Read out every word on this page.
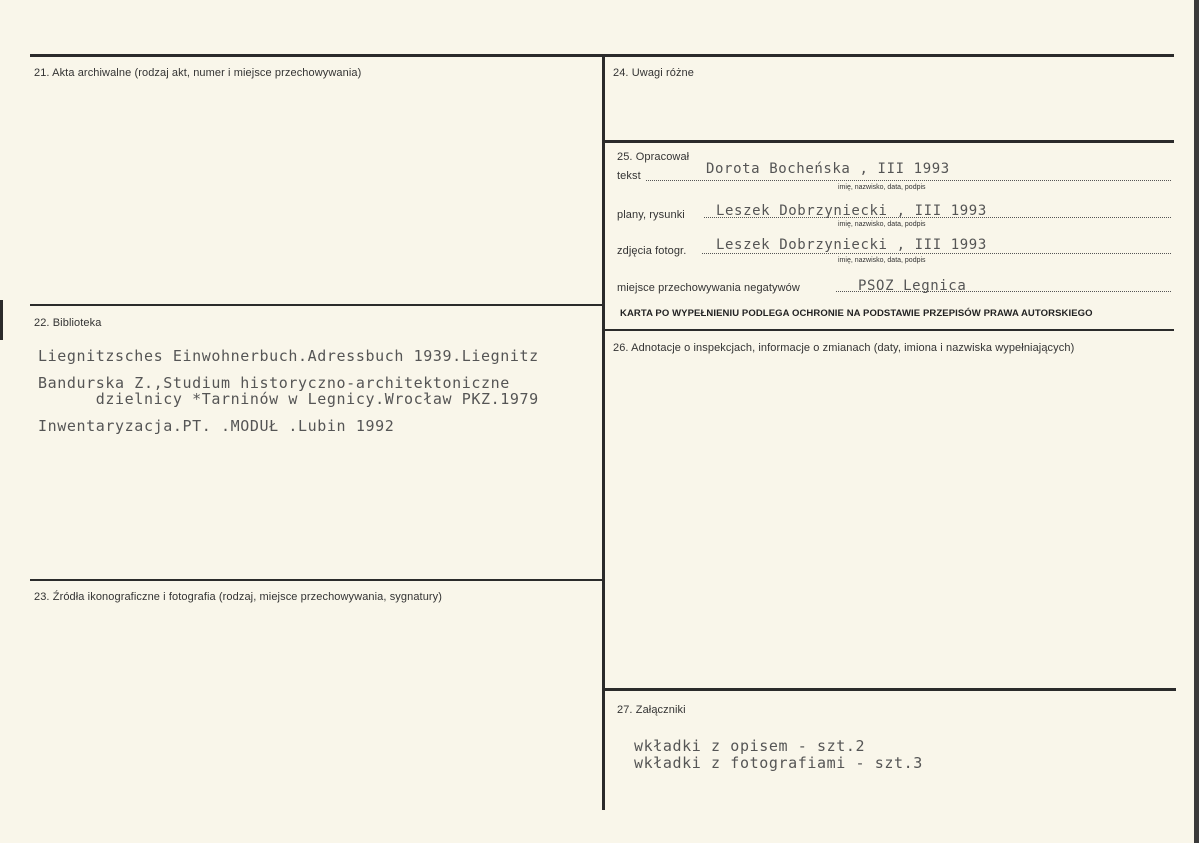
21. Akta archiwalne (rodzaj akt, numer i miejsce przechowywania)
22. Biblioteka
Liegnitzsches Einwohnerbuch.Adressbuch 1939.Liegnitz
Bandurska Z.,Studium historyczno-architektoniczne
dzielnicy *Tarninów w Legnicy.Wrocław PKZ.1979
Inwentaryzacja.PT. .MODUŁ .Lubin 1992
23. Źródła ikonograficzne i fotografia (rodzaj, miejsce przechowywania, sygnatury)
24. Uwagi różne
25. Opracował
tekst	Dorota Bocheńska , III 1993
imię, nazwisko, data, podpis
plany, rysunki Leszek Dobrzyniecki , III 1993
imię, nazwisko, data, podpis
zdjęcia fotogr. Leszek Dobrzyniecki , III 1993
imię, nazwisko, data, podpis
miejsce przechowywania negatywów	PSOZ Legnica
KARTA PO WYPEŁNIENIU PODLEGA OCHRONIE NA PODSTAWIE PRZEPISÓW PRAWA AUTORSKIEGO
26. Adnotacje o inspekcjach, informacje o zmianach (daty, imiona i nazwiska wypełniających)
27. Załączniki
wkładki z opisem - szt.2
wkładki z fotografiami - szt.3
